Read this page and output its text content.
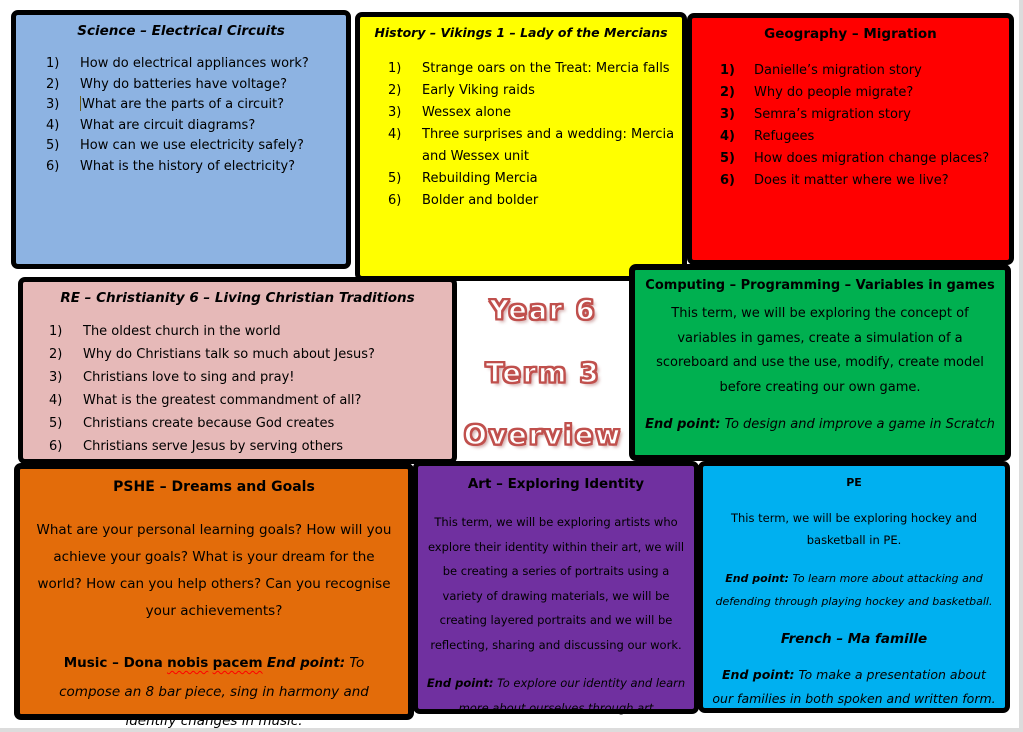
Science – Electrical Circuits
How do electrical appliances work?
Why do batteries have voltage?
What are the parts of a circuit?
What are circuit diagrams?
How can we use electricity safely?
What is the history of electricity?
History – Vikings 1 – Lady of the Mercians
Strange oars on the Treat: Mercia falls
Early Viking raids
Wessex alone
Three surprises and a wedding: Mercia and Wessex unit
Rebuilding Mercia
Bolder and bolder
Geography – Migration
Danielle’s migration story
Why do people migrate?
Semra’s migration story
Refugees
How does migration change places?
Does it matter where we live?
RE – Christianity 6 – Living Christian Traditions
The oldest church in the world
Why do Christians talk so much about Jesus?
Christians love to sing and pray!
What is the greatest commandment of all?
Christians create because God creates
Christians serve Jesus by serving others
Year 6
Term 3
Overview
Computing – Programming – Variables in games
This term, we will be exploring the concept of variables in games, create a simulation of a scoreboard and use the use, modify, create model before creating our own game.
End point: To design and improve a game in Scratch
PSHE – Dreams and Goals
What are your personal learning goals? How will you achieve your goals? What is your dream for the world? How can you help others? Can you recognise your achievements?
Music – Dona nobis pacem End point: To compose an 8 bar piece, sing in harmony and identify changes in music.
Art – Exploring Identity
This term, we will be exploring artists who explore their identity within their art, we will be creating a series of portraits using a variety of drawing materials, we will be creating layered portraits and we will be reflecting, sharing and discussing our work.
End point: To explore our identity and learn more about ourselves through art
PE
This term, we will be exploring hockey and basketball in PE.
End point: To learn more about attacking and defending through playing hockey and basketball.
French – Ma famille
End point: To make a presentation about our families in both spoken and written form.
